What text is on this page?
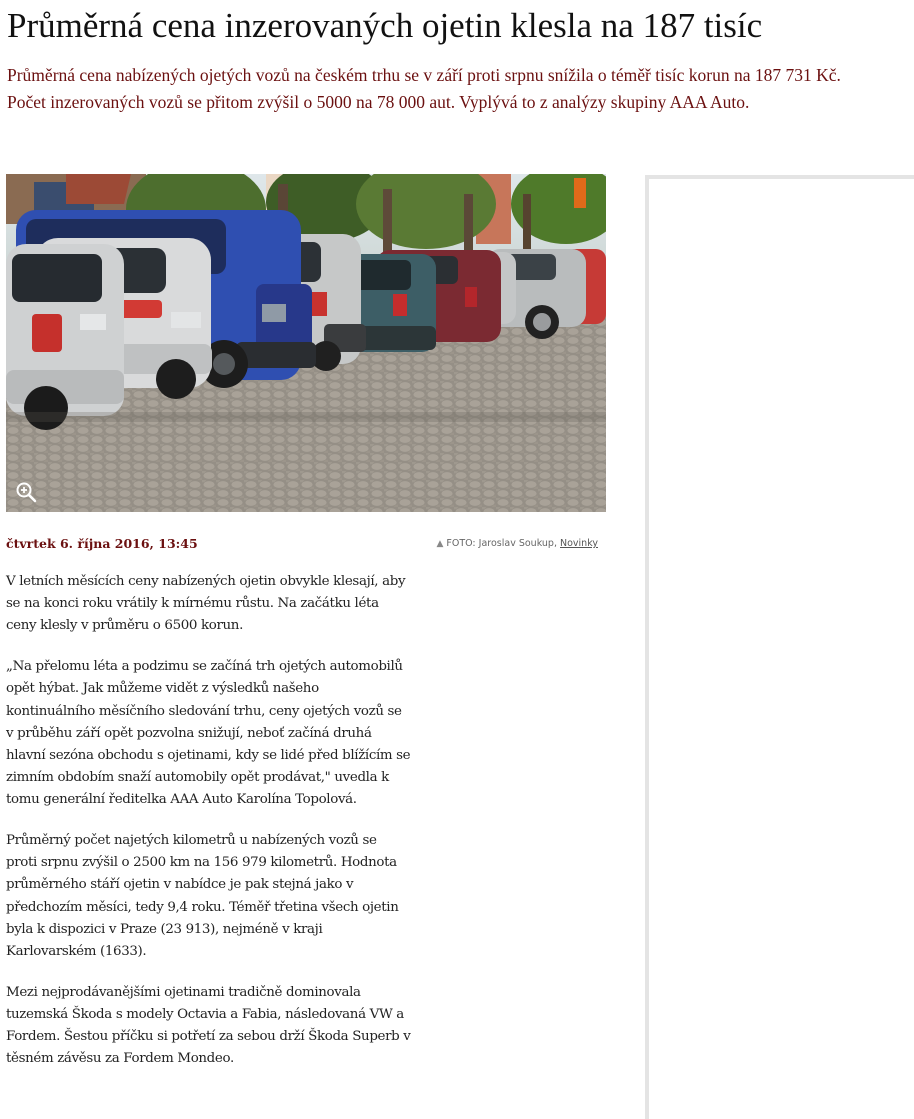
Průměrná cena inzerovaných ojetin klesla na 187 tisíc

Průměrná cena nabízených ojetých vozů na českém trhu se v září proti srpnu snížila o téměř tisíc korun na 187 731 Kč. Počet inzerovaných vozů se přitom zvýšil o 5000 na 78 000 aut. Vyplývá to z analýzy skupiny AAA Auto.

čtvrtek 6. října 2016, 13:45	▲ FOTO: Jaroslav Soukup, Novinky

V letních měsících ceny nabízených ojetin obvykle klesají, aby se na konci roku vrátily k mírnému růstu. Na začátku léta ceny klesly v průměru o 6500 korun.

„Na přelomu léta a podzimu se začíná trh ojetých automobilů opět hýbat. Jak můžeme vidět z výsledků našeho kontinuálního měsíčního sledování trhu, ceny ojetých vozů se v průběhu září opět pozvolna snižují, neboť začíná druhá hlavní sezóna obchodu s ojetinami, kdy se lidé před blížícím se zimním obdobím snaží automobily opět prodávat," uvedla k tomu generální ředitelka AAA Auto Karolína Topolová.

Průměrný počet najetých kilometrů u nabízených vozů se proti srpnu zvýšil o 2500 km na 156 979 kilometrů. Hodnota průměrného stáří ojetin v nabídce je pak stejná jako v předchozím měsíci, tedy 9,4 roku. Téměř třetina všech ojetin byla k dispozici v Praze (23 913), nejméně v kraji Karlovarském (1633).

Mezi nejprodávanějšími ojetinami tradičně dominovala tuzemská Škoda s modely Octavia a Fabia, následovaná VW a Fordem. Šestou příčku si potřetí za sebou drží Škoda Superb v těsném závěsu za Fordem Mondeo.
